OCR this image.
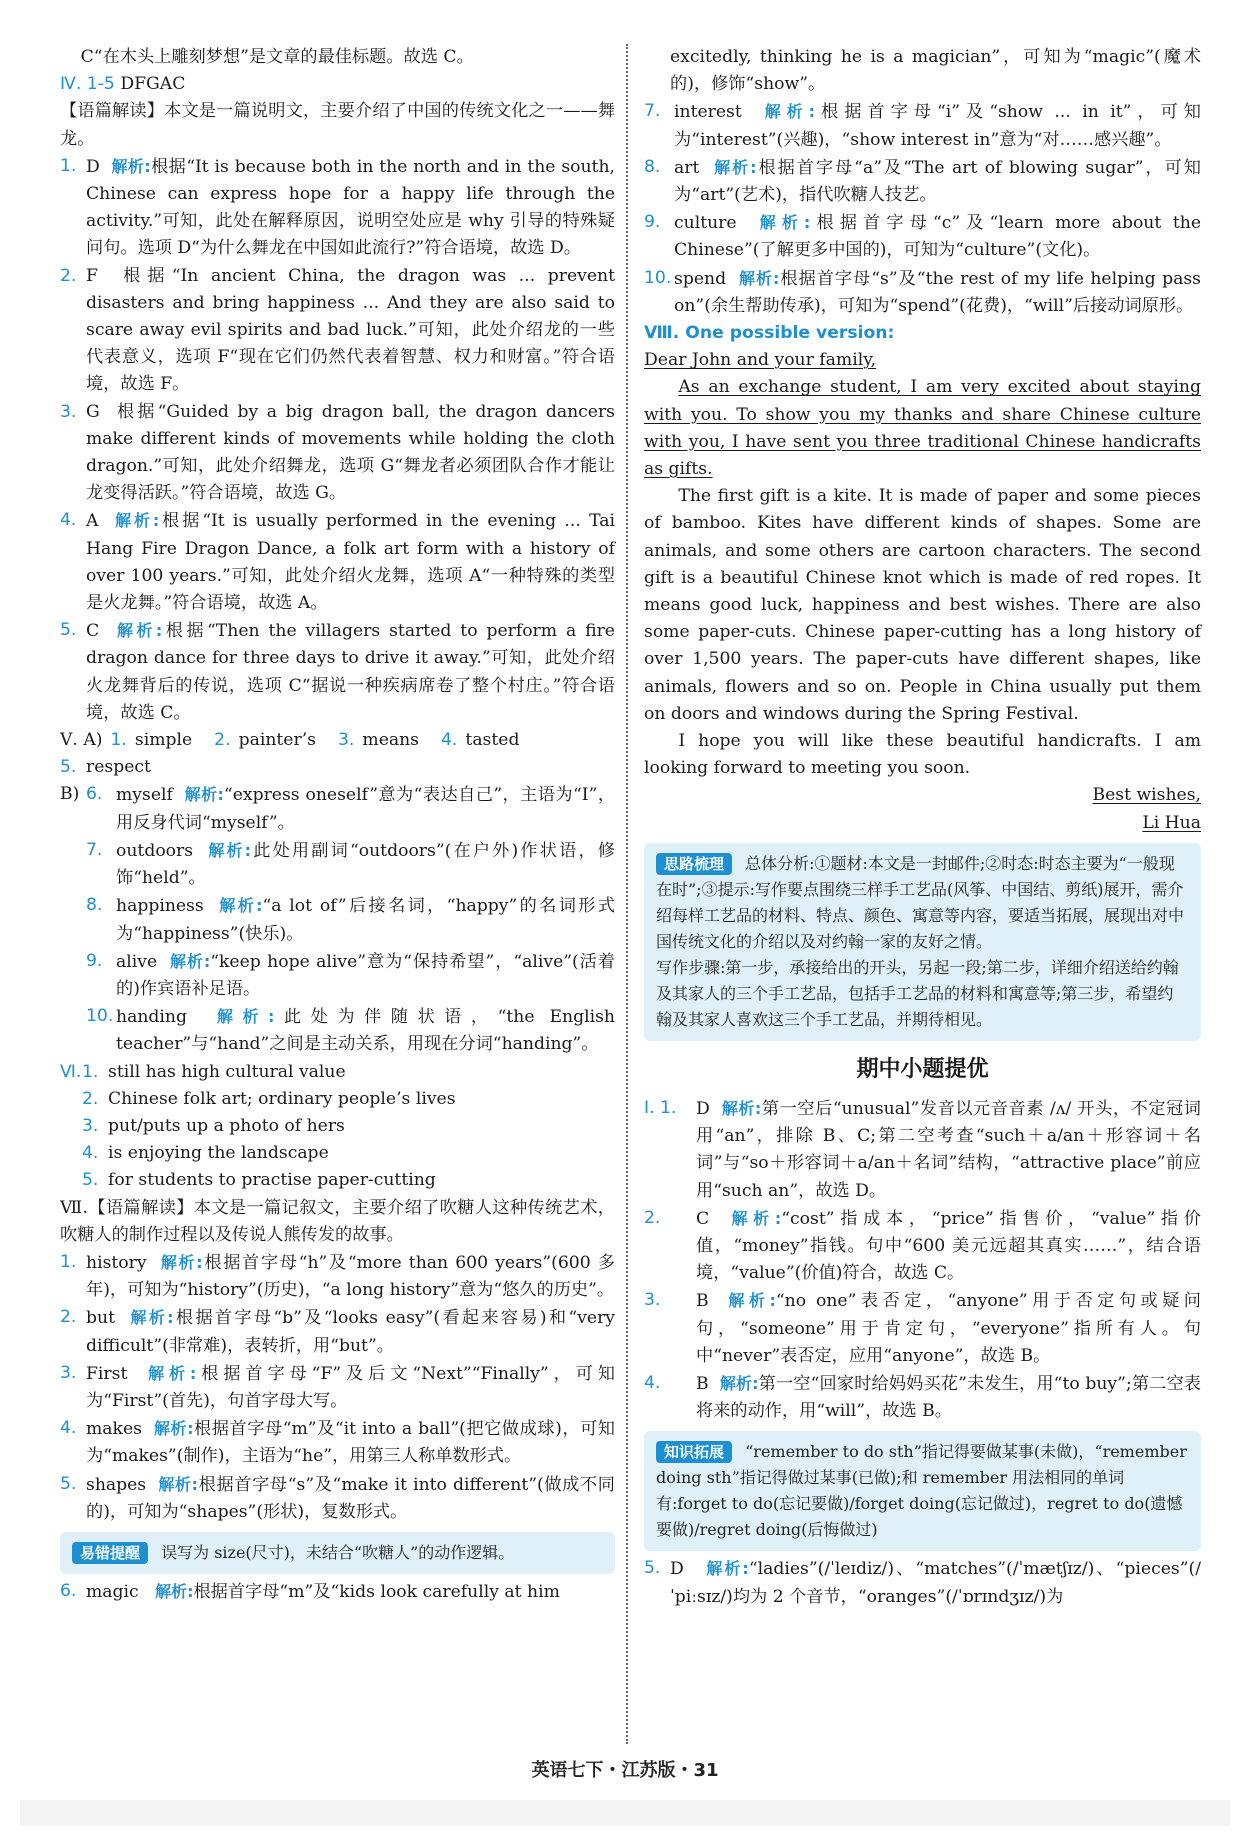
C“在木头上雕刻梦想”是文章的最佳标题。故选 C。

Ⅳ. 1-5
DFGAC

【语篇解读】本文是一篇说明文，主要介绍了中国的传统文化之一——舞龙。

1. D 解析:根据“It is because both in the north and in the south, Chinese can express hope for a happy life through the activity.”可知，此处在解释原因，说明空处应是 why 引导的特殊疑问句。选项 D“为什么舞龙在中国如此流行?”符合语境，故选 D。
2. F 根据“In ancient China, the dragon was ... prevent disasters and bring happiness ... And they are also said to scare away evil spirits and bad luck.”可知，此处介绍龙的一些代表意义，选项 F“现在它们仍然代表着智慧、权力和财富。”符合语境，故选 F。
3. G 根据“Guided by a big dragon ball, the dragon dancers make different kinds of movements while holding the cloth dragon.”可知，此处介绍舞龙，选项 G“舞龙者必须团队合作才能让龙变得活跃。”符合语境，故选 G。
4. A 解析:根据“It is usually performed in the evening ... Tai Hang Fire Dragon Dance, a folk art form with a history of over 100 years.”可知，此处介绍火龙舞，选项 A“一种特殊的类型是火龙舞。”符合语境，故选 A。
5. C 解析:根据“Then the villagers started to perform a fire dragon dance for three days to drive it away.”可知，此处介绍火龙舞背后的传说，选项 C“据说一种疾病席卷了整个村庄。”符合语境，故选 C。
Ⅴ. A) 1. simple 2. painter’s 3. means 4. tasted
5. respect
B) 6. myself 解析:“express oneself”意为“表达自己”，主语为“I”，用反身代词“myself”。
7. outdoors 解析:此处用副词“outdoors”(在户外)作状语，修饰“held”。
8. happiness 解析:“a lot of”后接名词，“happy”的名词形式为“happiness”(快乐)。
9. alive 解析:“keep hope alive”意为“保持希望”，“alive”(活着的)作宾语补足语。
10. handing 解析:此处为伴随状语，“the English teacher”与“hand”之间是主动关系，用现在分词“handing”。
Ⅵ. 1. still has high cultural value
2. Chinese folk art; ordinary people’s lives
3. put/puts up a photo of hers
4. is enjoying the landscape
5. for students to practise paper-cutting

Ⅶ.【语篇解读】本文是一篇记叙文，主要介绍了吹糖人这种传统艺术，吹糖人的制作过程以及传说人熊传发的故事。

1. history 解析:根据首字母“h”及“more than 600 years”(600 多年)，可知为“history”(历史)，“a long history”意为“悠久的历史”。
2. but 解析:根据首字母“b”及“looks easy”(看起来容易)和“very difficult”(非常难)，表转折，用“but”。
3. First 解析:根据首字母“F”及后文“Next”“Finally”，可知为“First”(首先)，句首字母大写。
4. makes 解析:根据首字母“m”及“it into a ball”(把它做成球)，可知为“makes”(制作)，主语为“he”，用第三人称单数形式。
5. shapes 解析:根据首字母“s”及“make it into different”(做成不同的)，可知为“shapes”(形状)，复数形式。
易错提醒 误写为 size(尺寸)，未结合“吹糖人”的动作逻辑。
6. magic 解析:根据首字母“m”及“kids look carefully at him

excitedly, thinking he is a magician”，可知为“magic”(魔术的)，修饰“show”。

7. interest 解析:根据首字母“i”及“show ... in it”，可知为“interest”(兴趣)，“show interest in”意为“对……感兴趣”。
8. art 解析:根据首字母“a”及“The art of blowing sugar”，可知为“art”(艺术)，指代吹糖人技艺。
9. culture 解析:根据首字母“c”及“learn more about the Chinese”(了解更多中国的)，可知为“culture”(文化)。
10. spend 解析:根据首字母“s”及“the rest of my life helping pass on”(余生帮助传承)，可知为“spend”(花费)，“will”后接动词原形。

Ⅷ. One possible version:

Dear John and your family,

As an exchange student, I am very excited about staying with you. To show you my thanks and share Chinese culture with you, I have sent you three traditional Chinese handicrafts as gifts.

The first gift is a kite. It is made of paper and some pieces of bamboo. Kites have different kinds of shapes. Some are animals, and some others are cartoon characters. The second gift is a beautiful Chinese knot which is made of red ropes. It means good luck, happiness and best wishes. There are also some paper-cuts. Chinese paper-cutting has a long history of over 1,500 years. The paper-cuts have different shapes, like animals, flowers and so on. People in China usually put them on doors and windows during the Spring Festival.

I hope you will like these beautiful handicrafts. I am looking forward to meeting you soon.

Best wishes,

Li Hua

思路梳理 总体分析:①题材:本文是一封邮件;②时态:时态主要为“一般现在时”;③提示:写作要点围绕三样手工艺品(风筝、中国结、剪纸)展开，需介绍每样工艺品的材料、特点、颜色、寓意等内容，要适当拓展，展现出对中国传统文化的介绍以及对约翰一家的友好之情。
写作步骤:第一步，承接给出的开头，另起一段;第二步，详细介绍送给约翰及其家人的三个手工艺品，包括手工艺品的材料和寓意等;第三步，希望约翰及其家人喜欢这三个手工艺品，并期待相见。
期中小题提优
Ⅰ. 1.	D 解析:第一空后“unusual”发音以元音音素 /ʌ/ 开头，不定冠词用“an”，排除 B、C;第二空考查“such＋a/an＋形容词＋名词”与“so＋形容词＋a/an＋名词”结构，“attractive place”前应用“such an”，故选 D。
2.	C 解析:“cost”指成本，“price”指售价，“value”指价值，“money”指钱。句中“600 美元远超其真实……”，结合语境，“value”(价值)符合，故选 C。
3.	B 解析:“no one”表否定，“anyone”用于否定句或疑问句，“someone”用于肯定句，“everyone”指所有人。句中“never”表否定，应用“anyone”，故选 B。
4.	B 解析:第一空“回家时给妈妈买花”未发生，用“to buy”;第二空表将来的动作，用“will”，故选 B。
知识拓展 “remember to do sth”指记得要做某事(未做)，“remember doing sth”指记得做过某事(已做);和 remember 用法相同的单词有:forget to do(忘记要做)/forget doing(忘记做过)，regret to do(遗憾要做)/regret doing(后悔做过)
5. D 解析:“ladies”(/ˈleɪdiz/)、“matches”(/ˈmætʃɪz/)、“pieces”(/ˈpiːsɪz/)均为 2 个音节，“oranges”(/ˈɒrɪndʒɪz/)为
英语七下・江苏版・31
